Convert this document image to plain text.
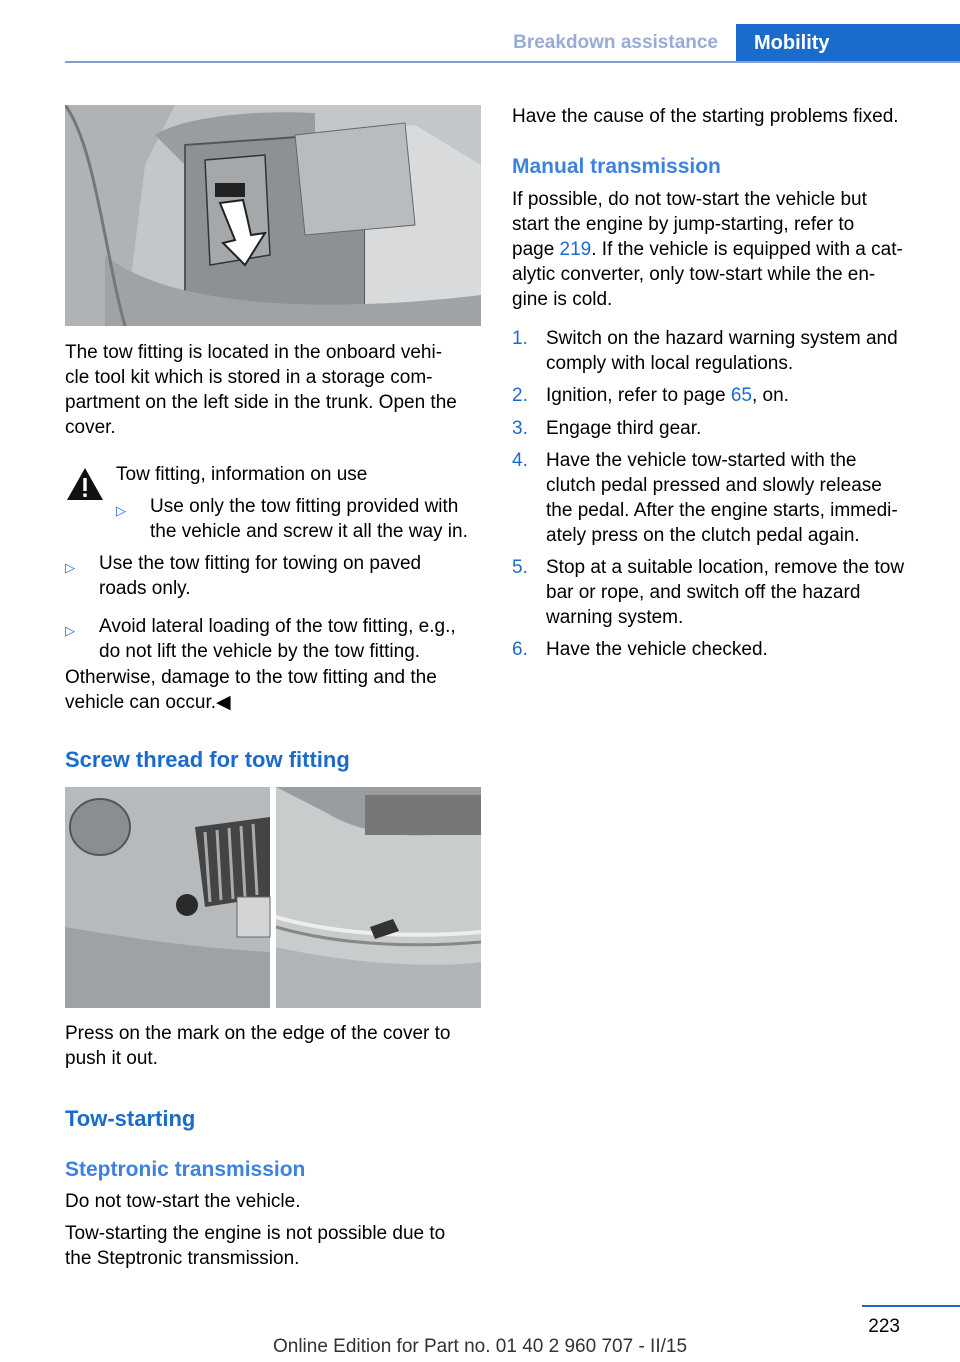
Breakdown assistance	Mobility

The tow fitting is located in the onboard vehi‐

cle tool kit which is stored in a storage com‐

partment on the left side in the trunk. Open the

cover.

Tow fitting, information on use

▷ Use only the tow fitting provided with

the vehicle and screw it all the way in.

▷ Use the tow fitting for towing on paved

roads only.

▷ Avoid lateral loading of the tow fitting, e.g.,

do not lift the vehicle by the tow fitting.

Otherwise, damage to the tow fitting and the

vehicle can occur.◀

Screw thread for tow fitting

Press on the mark on the edge of the cover to

push it out.

Tow-starting
Steptronic transmission

Do not tow-start the vehicle.

Tow-starting the engine is not possible due to

the Steptronic transmission.

Have the cause of the starting problems fixed.

Manual transmission

If possible, do not tow-start the vehicle but

start the engine by jump-starting, refer to

page 219. If the vehicle is equipped with a cat‐

alytic converter, only tow-start while the en‐

gine is cold.

1. Switch on the hazard warning system and

comply with local regulations.

2. Ignition, refer to page 65, on.

3. Engage third gear.

4. Have the vehicle tow-started with the

clutch pedal pressed and slowly release

the pedal. After the engine starts, immedi‐

ately press on the clutch pedal again.

5. Stop at a suitable location, remove the tow

bar or rope, and switch off the hazard

warning system.

6. Have the vehicle checked.

223
Online Edition for Part no. 01 40 2 960 707 - II/15
